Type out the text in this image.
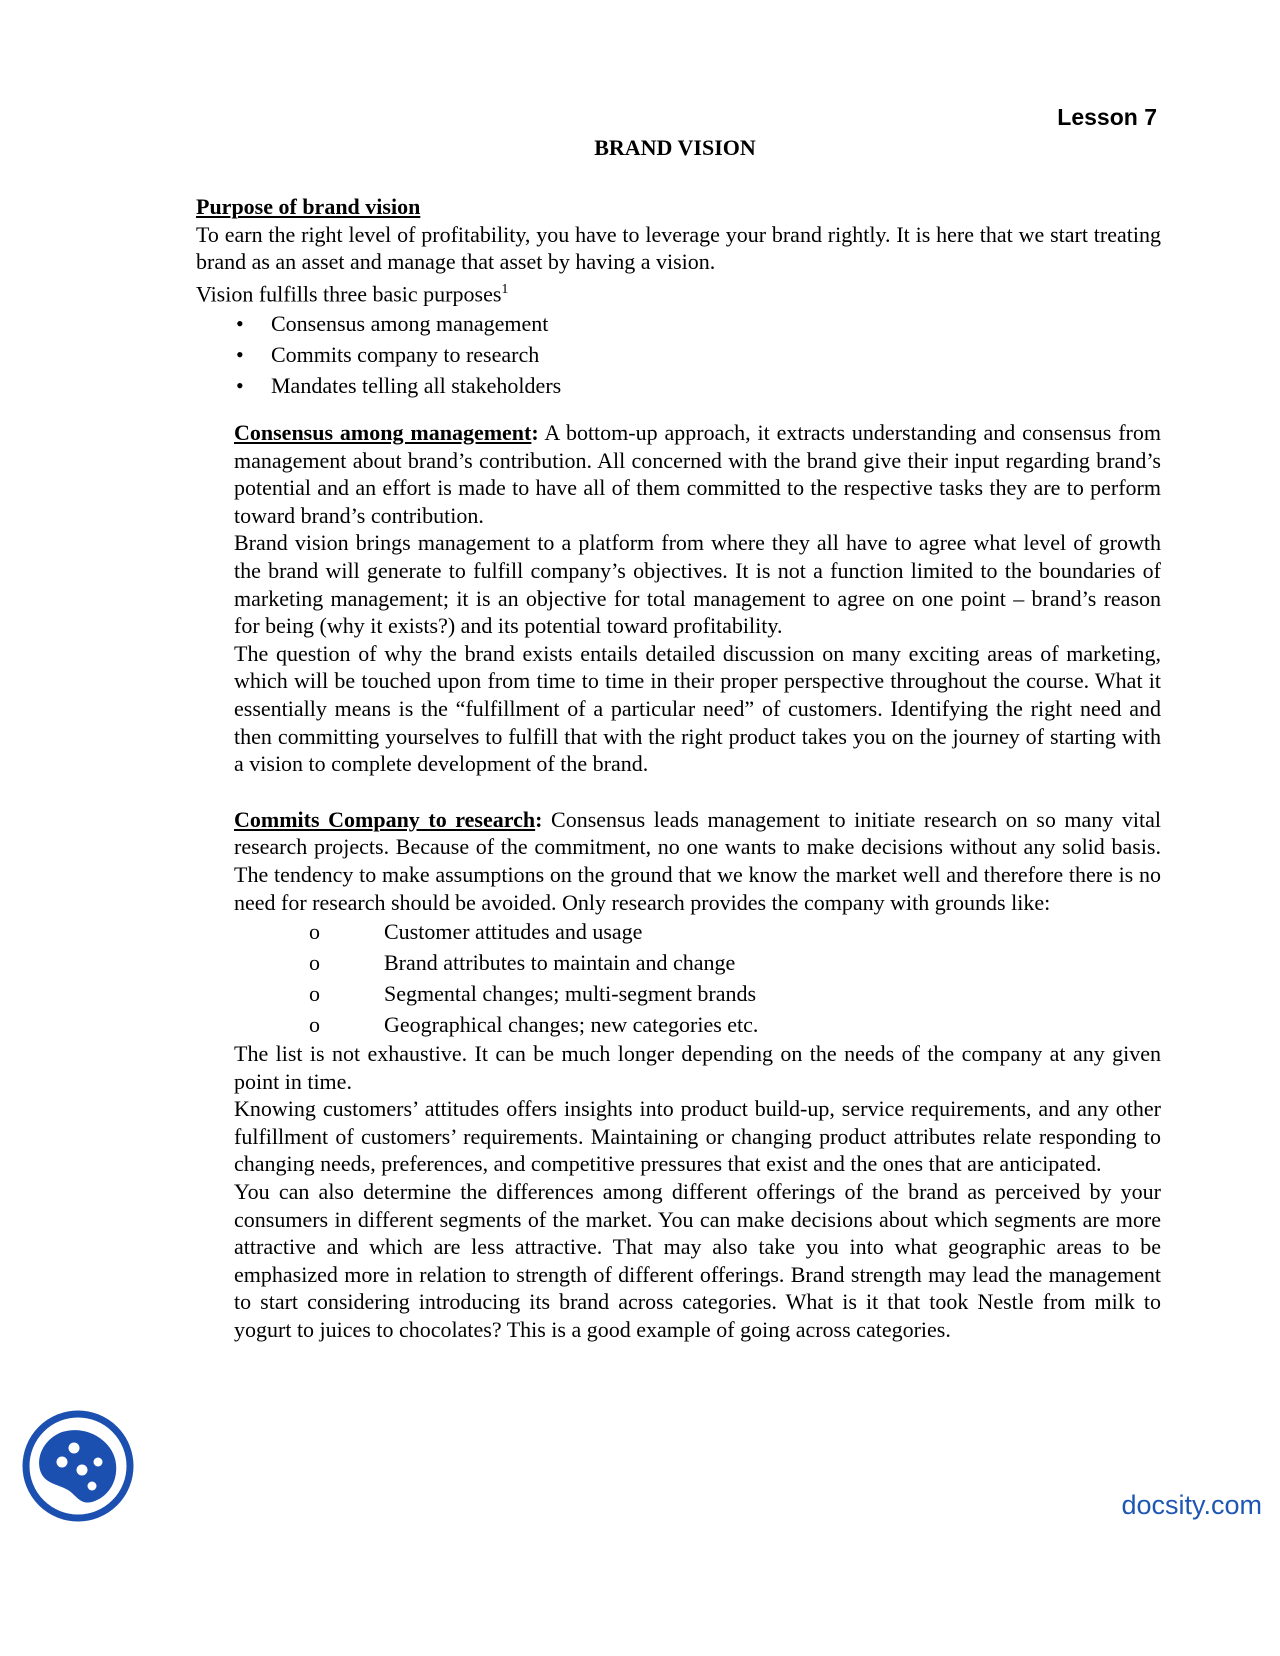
Lesson 7
BRAND VISION
Purpose of brand vision

To earn the right level of profitability, you have to leverage your brand rightly. It is here that we start treating brand as an asset and manage that asset by having a vision.

Vision fulfills three basic purposes$^1$

• Consensus among management
• Commits company to research
• Mandates telling all stakeholders

Consensus among management: A bottom-up approach, it extracts understanding and consensus from management about brand’s contribution. All concerned with the brand give their input regarding brand’s potential and an effort is made to have all of them committed to the respective tasks they are to perform toward brand’s contribution.

Brand vision brings management to a platform from where they all have to agree what level of growth the brand will generate to fulfill company’s objectives. It is not a function limited to the boundaries of marketing management; it is an objective for total management to agree on one point – brand’s reason for being (why it exists?) and its potential toward profitability.

The question of why the brand exists entails detailed discussion on many exciting areas of marketing, which will be touched upon from time to time in their proper perspective throughout the course. What it essentially means is the “fulfillment of a particular need” of customers. Identifying the right need and then committing yourselves to fulfill that with the right product takes you on the journey of starting with a vision to complete development of the brand.

Commits Company to research: Consensus leads management to initiate research on so many vital research projects. Because of the commitment, no one wants to make decisions without any solid basis. The tendency to make assumptions on the ground that we know the market well and therefore there is no need for research should be avoided. Only research provides the company with grounds like:

o	Customer attitudes and usage
o	Brand attributes to maintain and change
o	Segmental changes; multi-segment brands
o	Geographical changes; new categories etc.

The list is not exhaustive. It can be much longer depending on the needs of the company at any given point in time.

Knowing customers’ attitudes offers insights into product build-up, service requirements, and any other fulfillment of customers’ requirements. Maintaining or changing product attributes relate responding to changing needs, preferences, and competitive pressures that exist and the ones that are anticipated.

You can also determine the differences among different offerings of the brand as perceived by your consumers in different segments of the market. You can make decisions about which segments are more attractive and which are less attractive. That may also take you into what geographic areas to be emphasized more in relation to strength of different offerings. Brand strength may lead the management to start considering introducing its brand across categories. What is it that took Nestle from milk to yogurt to juices to chocolates? This is a good example of going across categories.

docsity.com
